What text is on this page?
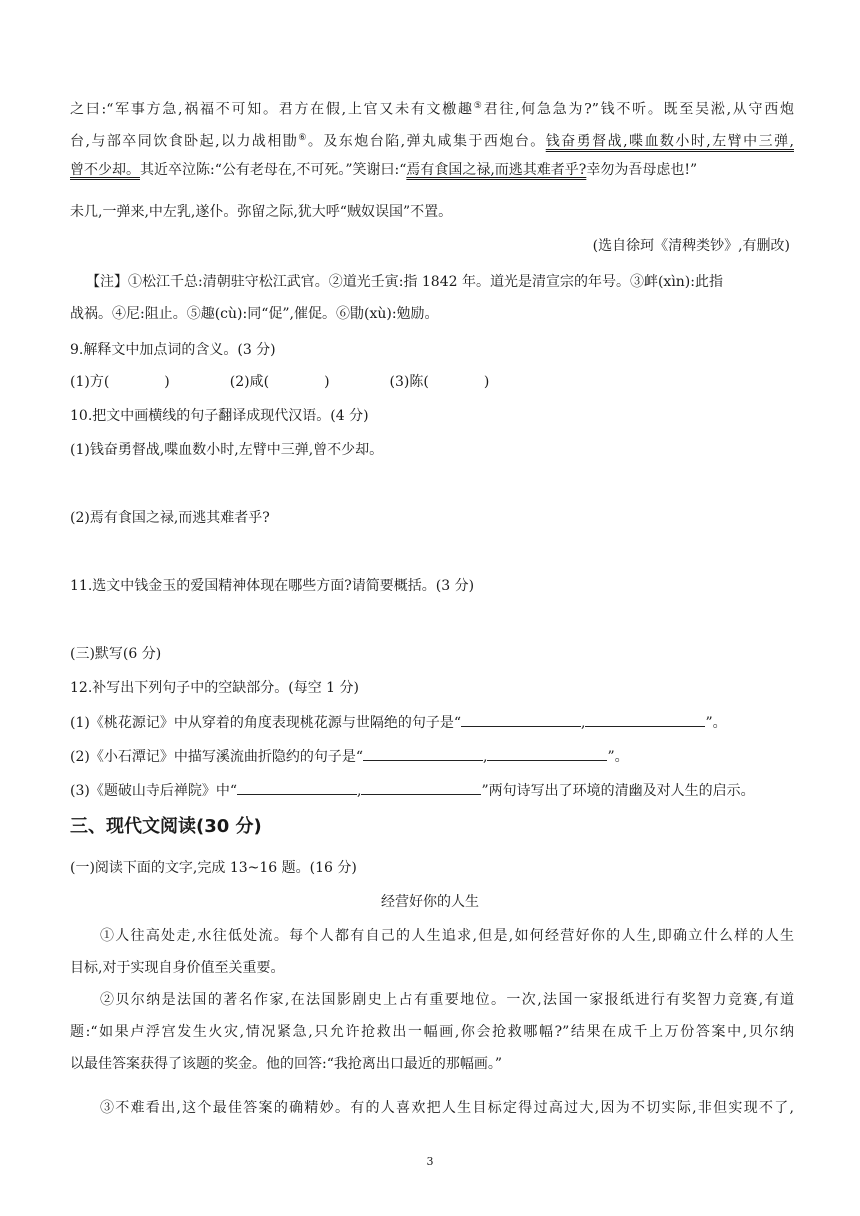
之曰:“军事方急,祸福不可知。君方在假,上官又未有文檄趣⑤君往,何急急为?”钱不听。既至吴淞,从守西炮
台,与部卒同饮食卧起,以力战相勖⑥。及东炮台陷,弹丸咸集于西炮台。钱奋勇督战,喋血数小时,左臂中三弹,
曾不少却。其近卒泣陈:“公有老母在,不可死。”笑谢曰:“焉有食国之禄,而逃其难者乎?幸勿为吾母虑也!”
未几,一弹来,中左乳,遂仆。弥留之际,犹大呼“贼奴误国”不置。
(选自徐珂《清稗类钞》,有删改)
【注】①松江千总:清朝驻守松江武官。②道光壬寅:指 1842 年。道光是清宣宗的年号。③衅(xìn):此指
战祸。④尼:阻止。⑤趣(cù):同“促”,催促。⑥勖(xù):勉励。
9.解释文中加点词的含义。(3 分)
(1)方(	)	(2)咸(	)	(3)陈(	)
10.把文中画横线的句子翻译成现代汉语。(4 分)
(1)钱奋勇督战,喋血数小时,左臂中三弹,曾不少却。
(2)焉有食国之禄,而逃其难者乎?
11.选文中钱金玉的爱国精神体现在哪些方面?请简要概括。(3 分)
(三)默写(6 分)
12.补写出下列句子中的空缺部分。(每空 1 分)
(1)《桃花源记》中从穿着的角度表现桃花源与世隔绝的句子是“	,	”。
(2)《小石潭记》中描写溪流曲折隐约的句子是“	,	”。
(3)《题破山寺后禅院》中“	,	”两句诗写出了环境的清幽及对人生的启示。
三、现代文阅读(30 分)
(一)阅读下面的文字,完成 13~16 题。(16 分)
经营好你的人生
①人往高处走,水往低处流。每个人都有自己的人生追求,但是,如何经营好你的人生,即确立什么样的人生
目标,对于实现自身价值至关重要。
②贝尔纳是法国的著名作家,在法国影剧史上占有重要地位。一次,法国一家报纸进行有奖智力竞赛,有道
题:“如果卢浮宫发生火灾,情况紧急,只允许抢救出一幅画,你会抢救哪幅?”结果在成千上万份答案中,贝尔纳
以最佳答案获得了该题的奖金。他的回答:“我抢离出口最近的那幅画。”
③不难看出,这个最佳答案的确精妙。有的人喜欢把人生目标定得过高过大,因为不切实际,非但实现不了,
3
